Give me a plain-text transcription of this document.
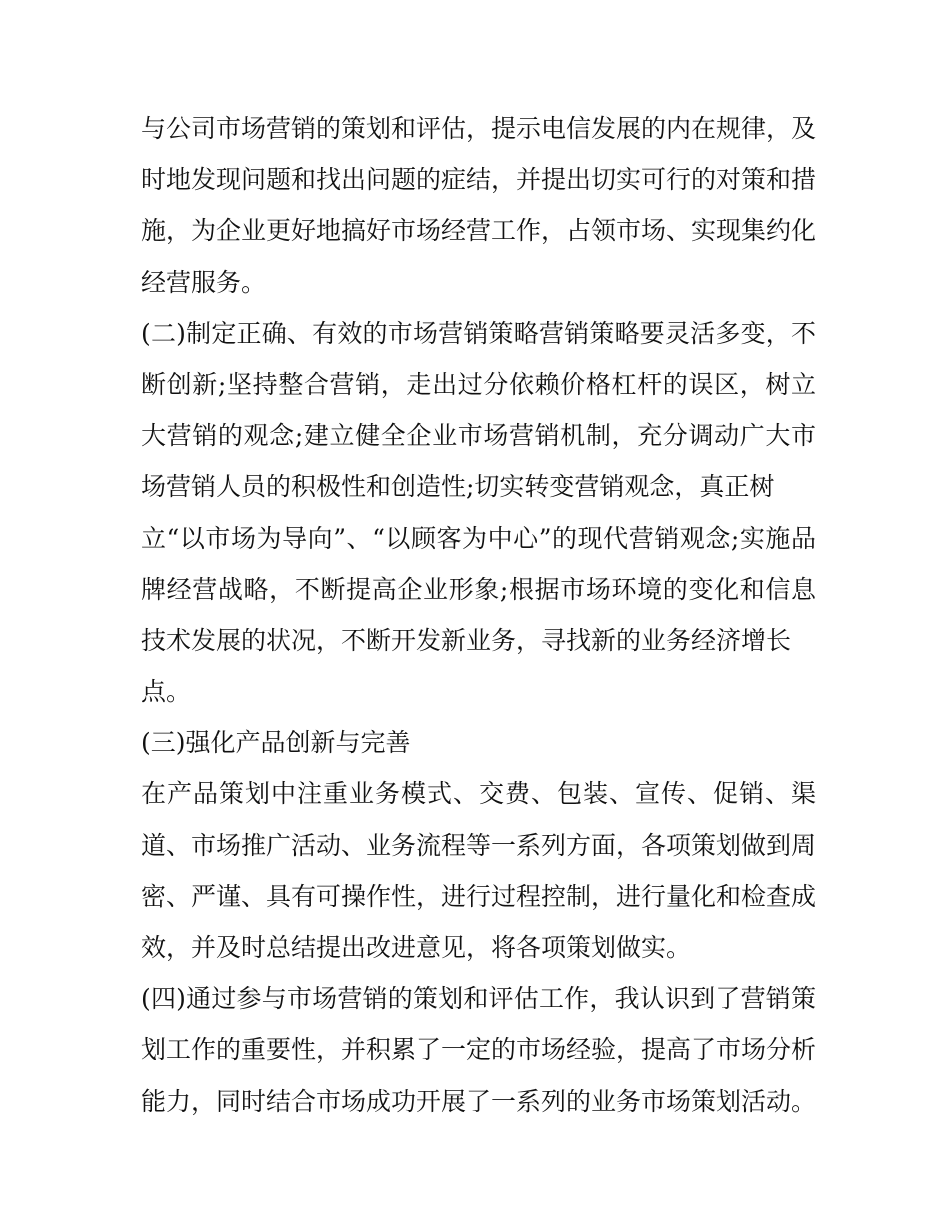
与公司市场营销的策划和评估，提示电信发展的内在规律，及
时地发现问题和找出问题的症结，并提出切实可行的对策和措
施，为企业更好地搞好市场经营工作，占领市场、实现集约化
经营服务。
(二)制定正确、有效的市场营销策略营销策略要灵活多变，不
断创新;坚持整合营销，走出过分依赖价格杠杆的误区，树立
大营销的观念;建立健全企业市场营销机制，充分调动广大市
场营销人员的积极性和创造性;切实转变营销观念，真正树
立“以市场为导向”、“以顾客为中心”的现代营销观念;实施品
牌经营战略，不断提高企业形象;根据市场环境的变化和信息
技术发展的状况，不断开发新业务，寻找新的业务经济增长
点。
(三)强化产品创新与完善
在产品策划中注重业务模式、交费、包装、宣传、促销、渠
道、市场推广活动、业务流程等一系列方面，各项策划做到周
密、严谨、具有可操作性，进行过程控制，进行量化和检查成
效，并及时总结提出改进意见，将各项策划做实。
(四)通过参与市场营销的策划和评估工作，我认识到了营销策
划工作的重要性，并积累了一定的市场经验，提高了市场分析
能力，同时结合市场成功开展了一系列的业务市场策划活动。
